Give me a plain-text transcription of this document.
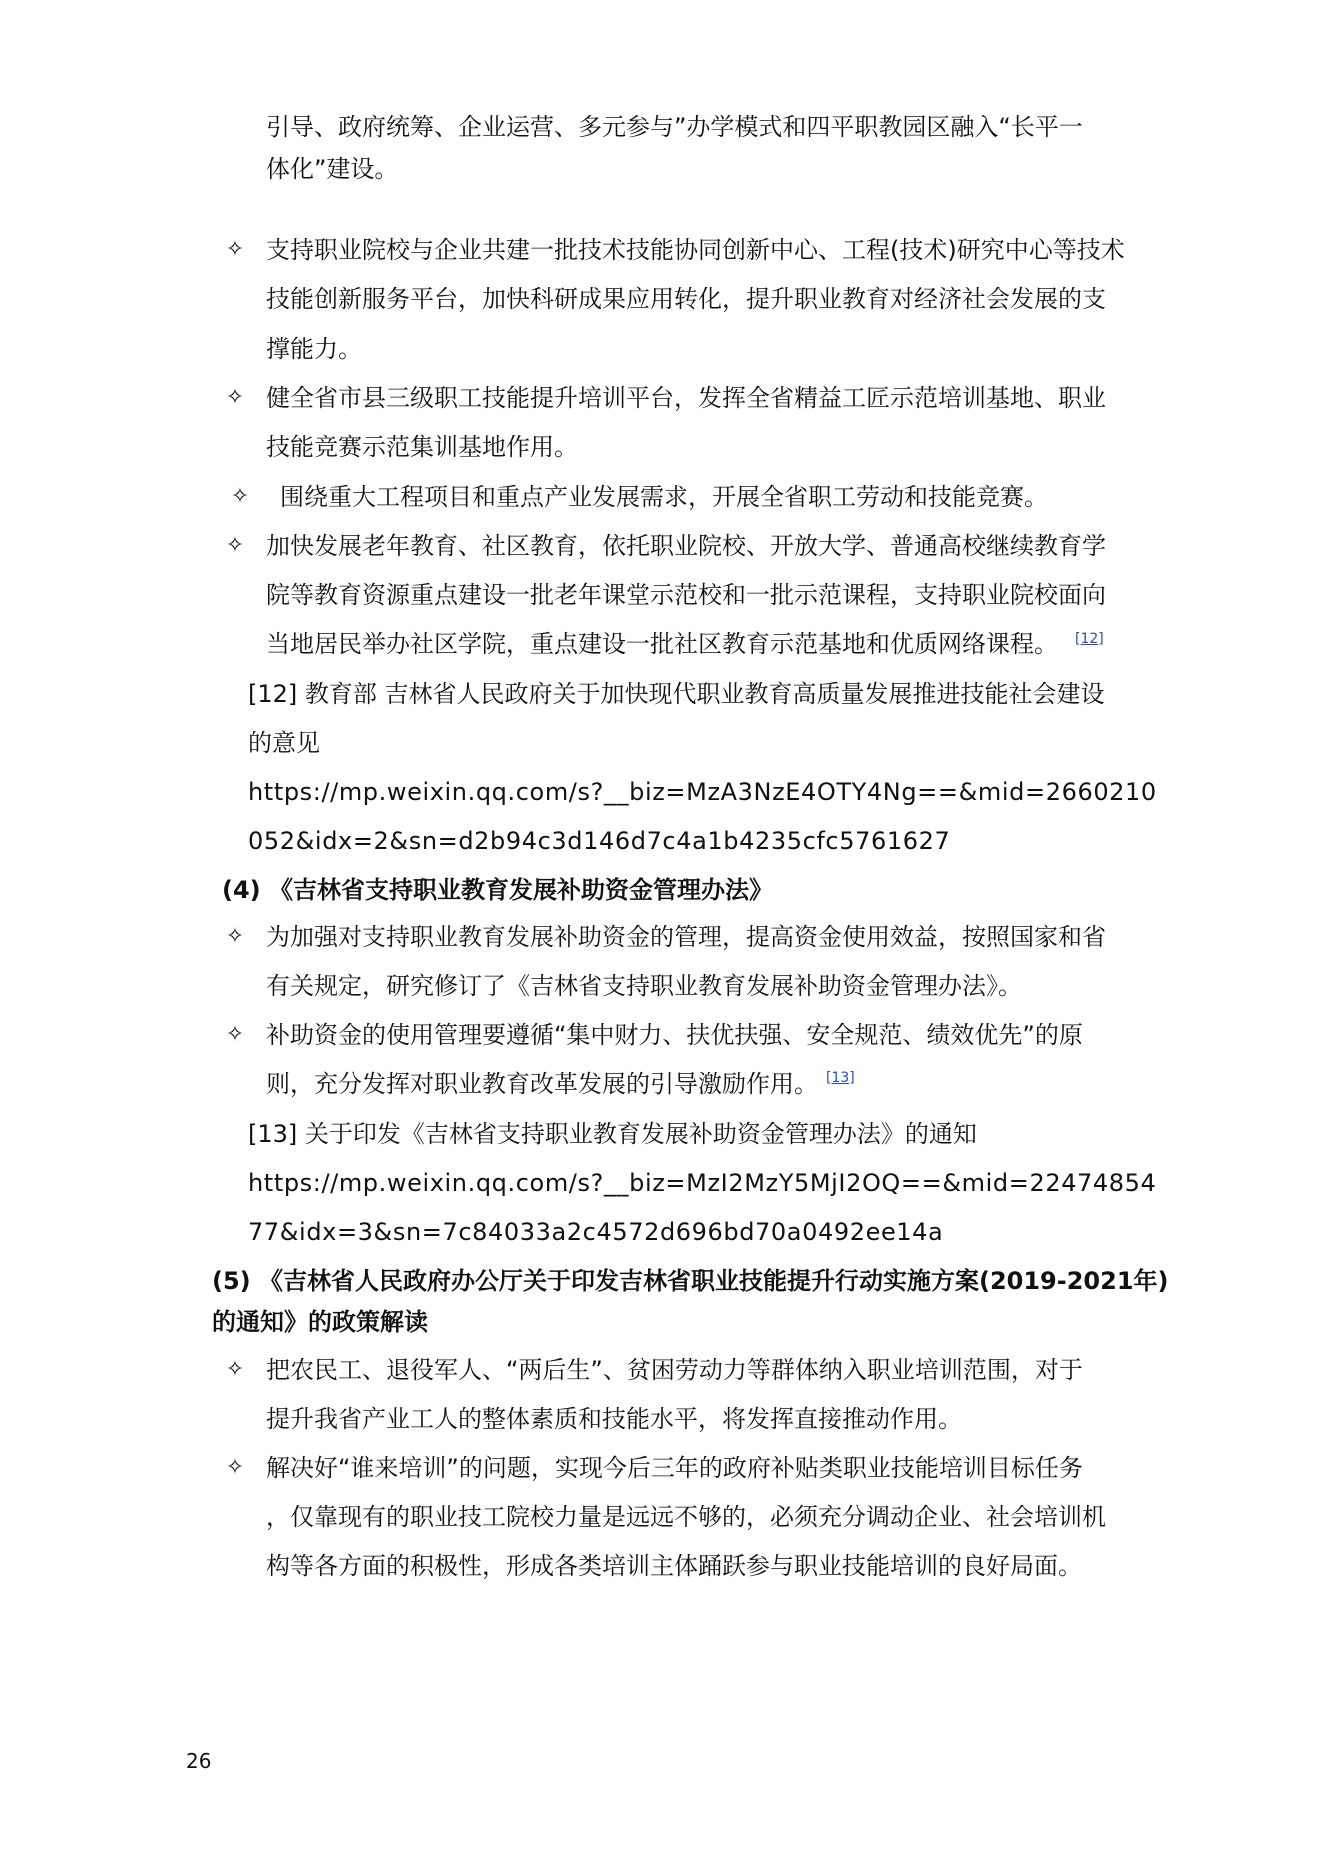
引导、政府统筹、企业运营、多元参与”办学模式和四平职教园区融入“长平一
体化”建设。
✧ 支持职业院校与企业共建一批技术技能协同创新中心、工程(技术)研究中心等技术
技能创新服务平台，加快科研成果应用转化，提升职业教育对经济社会发展的支
撑能力。
✧ 健全省市县三级职工技能提升培训平台，发挥全省精益工匠示范培训基地、职业
技能竞赛示范集训基地作用。
✧ 围绕重大工程项目和重点产业发展需求，开展全省职工劳动和技能竞赛。
✧ 加快发展老年教育、社区教育，依托职业院校、开放大学、普通高校继续教育学
院等教育资源重点建设一批老年课堂示范校和一批示范课程，支持职业院校面向
当地居民举办社区学院，重点建设一批社区教育示范基地和优质网络课程。 [12]
[12] 教育部 吉林省人民政府关于加快现代职业教育高质量发展推进技能社会建设
的意见
https://mp.weixin.qq.com/s?__biz=MzA3NzE4OTY4Ng==&mid=2660210
052&idx=2&sn=d2b94c3d146d7c4a1b4235cfc5761627
(4) 《吉林省支持职业教育发展补助资金管理办法》
✧ 为加强对支持职业教育发展补助资金的管理，提高资金使用效益，按照国家和省
有关规定，研究修订了《吉林省支持职业教育发展补助资金管理办法》。
✧ 补助资金的使用管理要遵循“集中财力、扶优扶强、安全规范、绩效优先”的原
则，充分发挥对职业教育改革发展的引导激励作用。 [13]
[13] 关于印发《吉林省支持职业教育发展补助资金管理办法》的通知
https://mp.weixin.qq.com/s?__biz=MzI2MzY5MjI2OQ==&mid=22474854
77&idx=3&sn=7c84033a2c4572d696bd70a0492ee14a
(5) 《吉林省人民政府办公厅关于印发吉林省职业技能提升行动实施方案(2019-2021年)
的通知》的政策解读
✧ 把农民工、退役军人、“两后生”、贫困劳动力等群体纳入职业培训范围，对于
提升我省产业工人的整体素质和技能水平，将发挥直接推动作用。
✧ 解决好“谁来培训”的问题，实现今后三年的政府补贴类职业技能培训目标任务
，仅靠现有的职业技工院校力量是远远不够的，必须充分调动企业、社会培训机
构等各方面的积极性，形成各类培训主体踊跃参与职业技能培训的良好局面。
26
